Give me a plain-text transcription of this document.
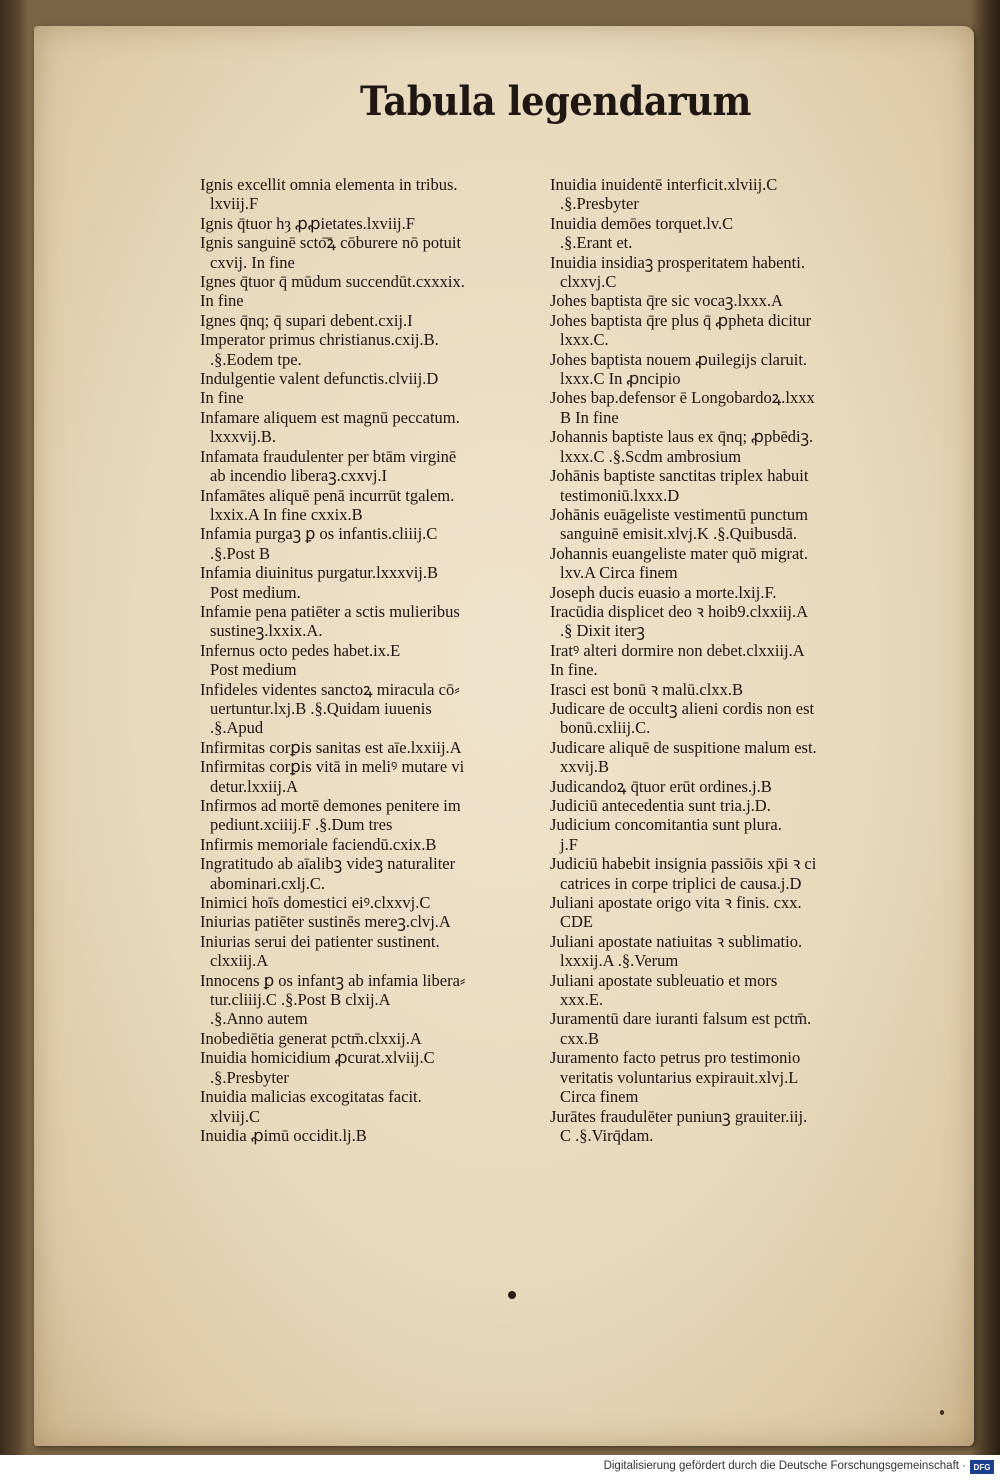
Tabula legendarum
Ignis excellit omnia elementa in tribus.
lxviij.F
Ignis q̄tuor hȝ ꝓꝓietates.lxviij.F
Ignis sanguinē scto͞ꝝ cōburere nō potuit
cxvij. In fine
Ignes q̄tuor q̄ mūdum succendūt.cxxxix.
In fine
Ignes q̄nq; q̄ supari debent.cxij.I
Imperator primus christianus.cxij.B.
.§.Eodem tpe.
Indulgentie valent defunctis.clviij.D
In fine
Infamare aliquem est magnū peccatum.
lxxxvij.B.
Infamata fraudulenter per btām virginē
ab incendio liberaꝫ.cxxvj.I
Infamātes aliquē penā incurrūt tgalem.
lxxix.A In fine cxxix.B
Infamia purgaꝫ ꝑ os infantis.cliiij.C
.§.Post B
Infamia diuinitus purgatur.lxxxvij.B
Post medium.
Infamie pena patiēter a sctis mulieribus
sustineꝫ.lxxix.A.
Infernus octo pedes habet.ix.E
Post medium
Infideles videntes sanctoꝝ miracula cō⸗
uertuntur.lxj.B .§.Quidam iuuenis
.§.Apud
Infirmitas corꝑis sanitas est aīe.lxxiij.A
Infirmitas corꝑis vitā in meliꝰ mutare vi
detur.lxxiij.A
Infirmos ad mortē demones penitere im
pediunt.xciiij.F .§.Dum tres
Infirmis memoriale faciendū.cxix.B
Ingratitudo ab aīalibꝫ videꝫ naturaliter
abominari.cxlj.C.
Inimici hoīs domestici eiꝰ.clxxvj.C
Iniurias patiēter sustinēs mereꝫ.clvj.A
Iniurias serui dei patienter sustinent.
clxxiij.A
Innocens ꝑ os infantꝫ ab infamia libera⸗
tur.cliiij.C .§.Post B clxij.A
.§.Anno autem
Inobediētia generat pctm̄.clxxij.A
Inuidia homicidium ꝓcurat.xlviij.C
.§.Presbyter
Inuidia malicias excogitatas facit.
xlviij.C
Inuidia ꝓimū occidit.lj.B
Inuidia inuidentē interficit.xlviij.C
.§.Presbyter
Inuidia demōes torquet.lv.C
.§.Erant et.
Inuidia insidiaꝫ prosperitatem habenti.
clxxvj.C
Johes baptista q̄re sic vocaꝫ.lxxx.A
Johes baptista q̄re plus q̄ ꝓpheta dicitur
lxxx.C.
Johes baptista nouem ꝓuilegijs claruit.
lxxx.C In ꝓncipio
Johes bap.defensor ē Longobardoꝝ.lxxx
B In fine
Johannis baptiste laus ex q̄nq; ꝓpbēdiꝫ.
lxxx.C .§.Scdm ambrosium
Johānis baptiste sanctitas triplex habuit
testimoniū.lxxx.D
Johānis euāgeliste vestimentū punctum
sanguinē emisit.xlvj.K .§.Quibusdā.
Johannis euangeliste mater quō migrat.
lxv.A Circa finem
Joseph ducis euasio a morte.lxij.F.
Iracūdia displicet deo ꝛ hoib9.clxxiij.A
.§ Dixit iterꝫ
Iratꝰ alteri dormire non debet.clxxiij.A
In fine.
Irasci est bonū ꝛ malū.clxx.B
Judicare de occultꝫ alieni cordis non est
bonū.cxliij.C.
Judicare aliquē de suspitione malum est.
xxvij.B
Judicandoꝝ q̄tuor erūt ordines.j.B
Judiciū antecedentia sunt tria.j.D.
Judicium concomitantia sunt plura.
j.F
Judiciū habebit insignia passiōis xp̄i ꝛ ci
catrices in corpe triplici de causa.j.D
Juliani apostate origo vita ꝛ finis. cxx.
CDE
Juliani apostate natiuitas ꝛ sublimatio.
lxxxij.A .§.Verum
Juliani apostate subleuatio et mors
xxx.E.
Juramentū dare iuranti falsum est pctm̄.
cxx.B
Juramento facto petrus pro testimonio
veritatis voluntarius expirauit.xlvj.L
Circa finem
Jurātes fraudulēter puniunꝫ grauiter.iij.
C .§.Virq̄dam.
Digitalisierung gefördert durch die Deutsche Forschungsgemeinschaft · DFG
